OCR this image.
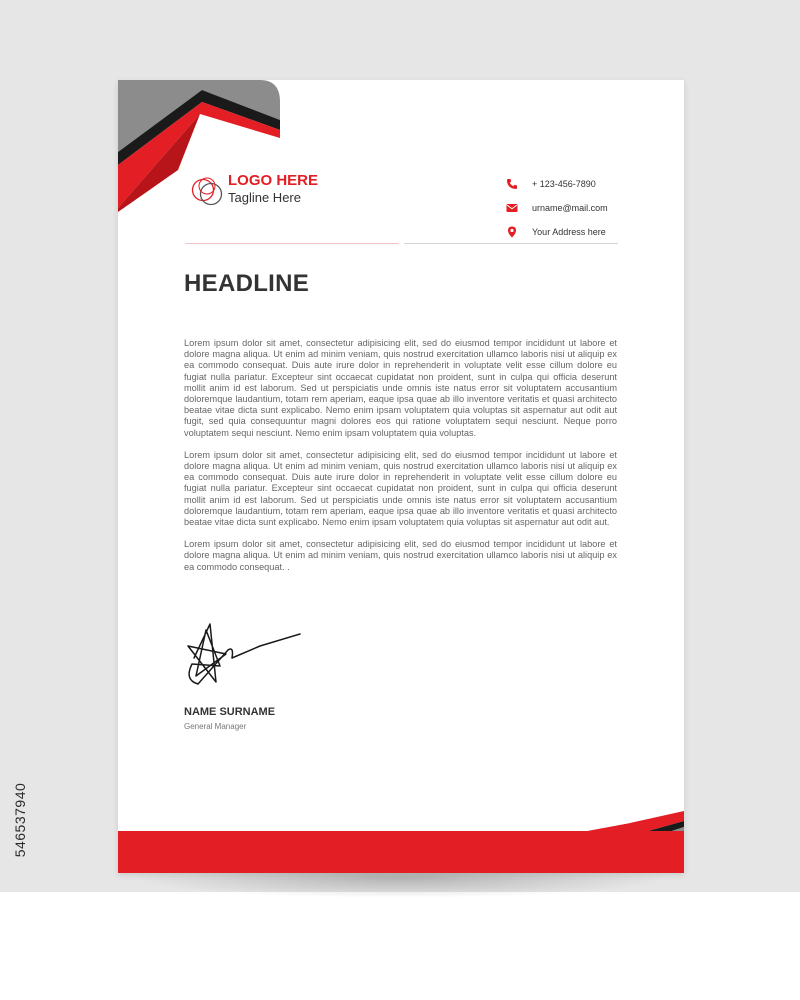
546537940
LOGO HERE
Tagline Here
+ 123-456-7890
urname@mail.com
Your Address here
HEADLINE

Lorem ipsum dolor sit amet, consectetur adipisicing elit, sed do eiusmod tempor incididunt ut labore et dolore magna aliqua. Ut enim ad minim veniam, quis nostrud exercitation ullamco laboris nisi ut aliquip ex ea commodo consequat. Duis aute irure dolor in reprehenderit in voluptate velit esse cillum dolore eu fugiat nulla pariatur. Excepteur sint occaecat cupidatat non proident, sunt in culpa qui officia deserunt mollit anim id est laborum. Sed ut perspiciatis unde omnis iste natus error sit voluptatem accusantium doloremque laudantium, totam rem aperiam, eaque ipsa quae ab illo inventore veritatis et quasi architecto beatae vitae dicta sunt explicabo. Nemo enim ipsam voluptatem quia voluptas sit aspernatur aut odit aut fugit, sed quia consequuntur magni dolores eos qui ratione voluptatem sequi nesciunt. Neque porro voluptatem sequi nesciunt. Nemo enim ipsam voluptatem quia voluptas.

Lorem ipsum dolor sit amet, consectetur adipisicing elit, sed do eiusmod tempor incididunt ut labore et dolore magna aliqua. Ut enim ad minim veniam, quis nostrud exercitation ullamco laboris nisi ut aliquip ex ea commodo consequat. Duis aute irure dolor in reprehenderit in voluptate velit esse cillum dolore eu fugiat nulla pariatur. Excepteur sint occaecat cupidatat non proident, sunt in culpa qui officia deserunt mollit anim id est laborum. Sed ut perspiciatis unde omnis iste natus error sit voluptatem accusantium doloremque laudantium, totam rem aperiam, eaque ipsa quae ab illo inventore veritatis et quasi architecto beatae vitae dicta sunt explicabo. Nemo enim ipsam voluptatem quia voluptas sit aspernatur aut odit aut.

Lorem ipsum dolor sit amet, consectetur adipisicing elit, sed do eiusmod tempor incididunt ut labore et dolore magna aliqua. Ut enim ad minim veniam, quis nostrud exercitation ullamco laboris nisi ut aliquip ex ea commodo consequat. .

NAME SURNAME
General Manager
